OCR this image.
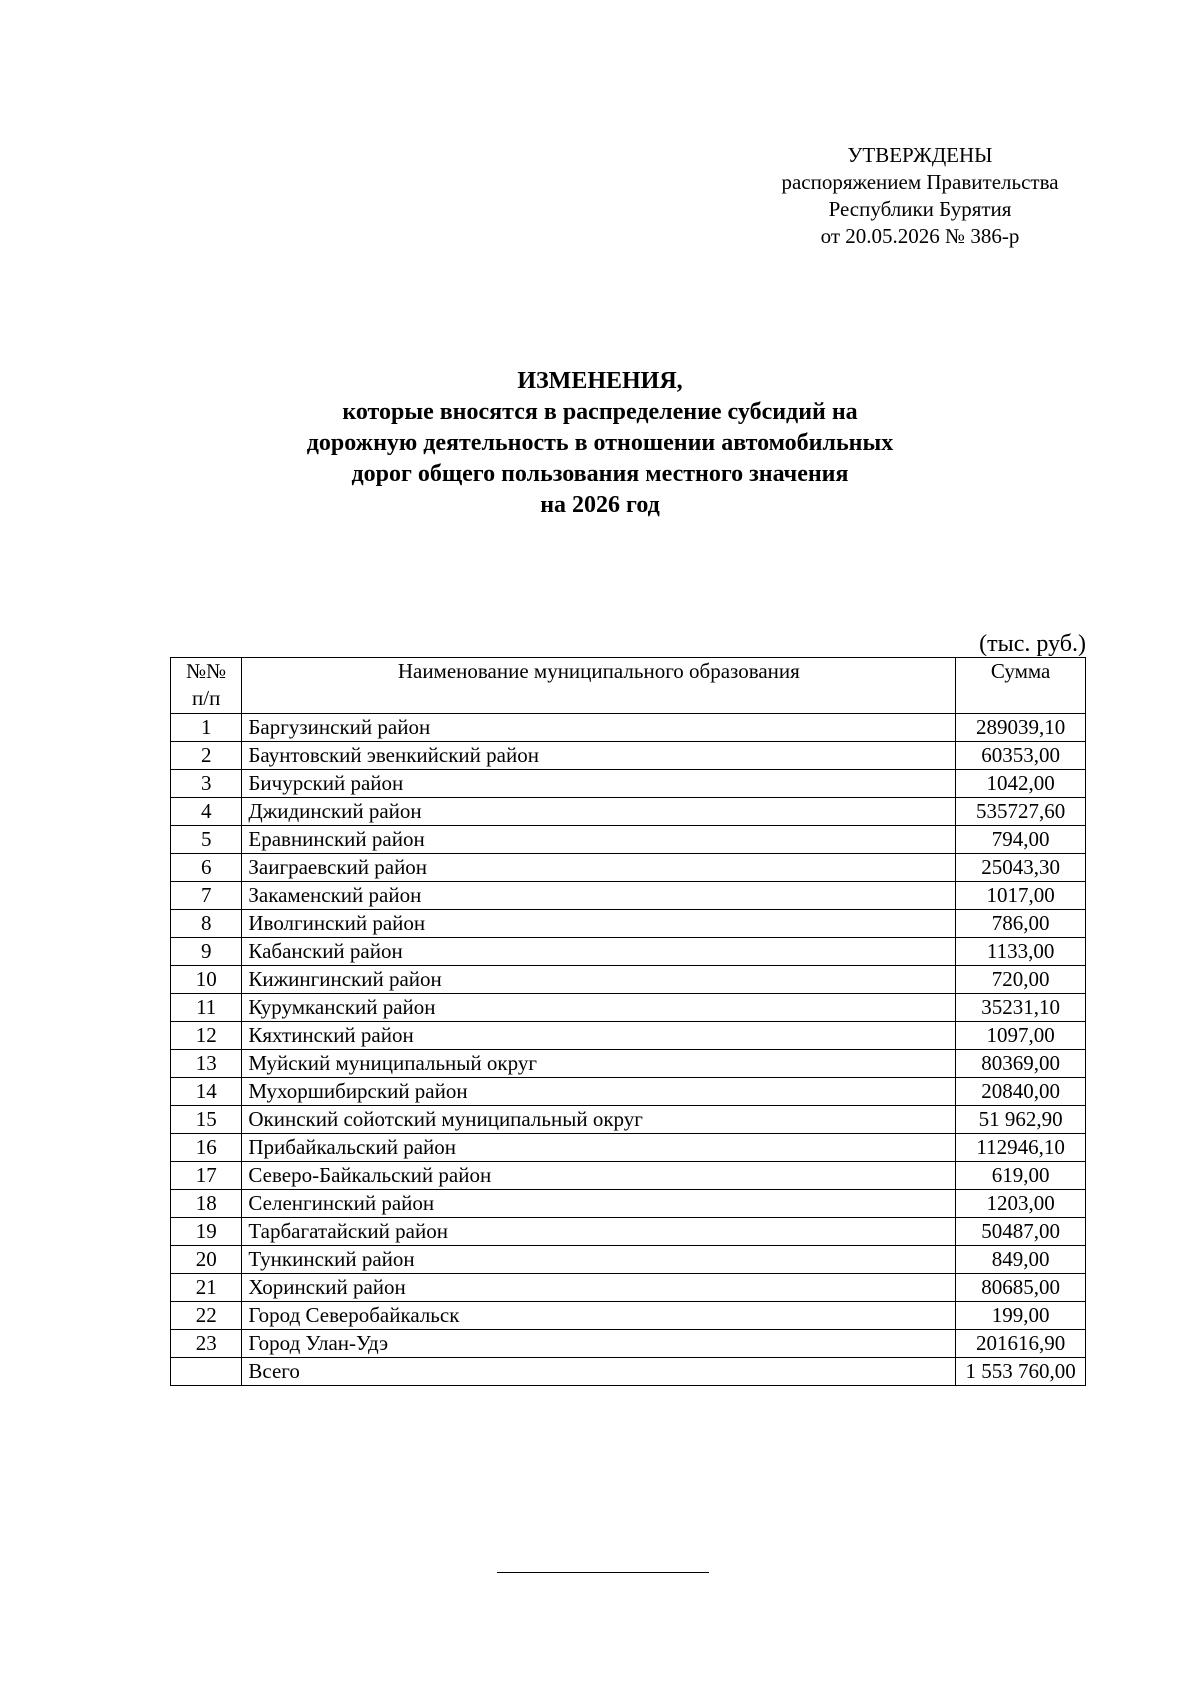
УТВЕРЖДЕНЫ
распоряжением Правительства
Республики Бурятия
от 20.05.2026 № 386-р
ИЗМЕНЕНИЯ,
которые вносятся в распределение субсидий на
дорожную деятельность в отношении автомобильных
дорог общего пользования местного значения
на 2026 год
(тыс. руб.)
№№
п/п	Наименование муниципального образования	Сумма
1	Баргузинский район	289039,10
2	Баунтовский эвенкийский район	60353,00
3	Бичурский район	1042,00
4	Джидинский район	535727,60
5	Еравнинский район	794,00
6	Заиграевский район	25043,30
7	Закаменский район	1017,00
8	Иволгинский район	786,00
9	Кабанский район	1133,00
10	Кижингинский район	720,00
11	Курумканский район	35231,10
12	Кяхтинский район	1097,00
13	Муйский муниципальный округ	80369,00
14	Мухоршибирский район	20840,00
15	Окинский сойотский муниципальный округ	51 962,90
16	Прибайкальский район	112946,10
17	Северо-Байкальский район	619,00
18	Селенгинский район	1203,00
19	Тарбагатайский район	50487,00
20	Тункинский район	849,00
21	Хоринский район	80685,00
22	Город Северобайкальск	199,00
23	Город Улан-Удэ	201616,90
	Всего	1 553 760,00
